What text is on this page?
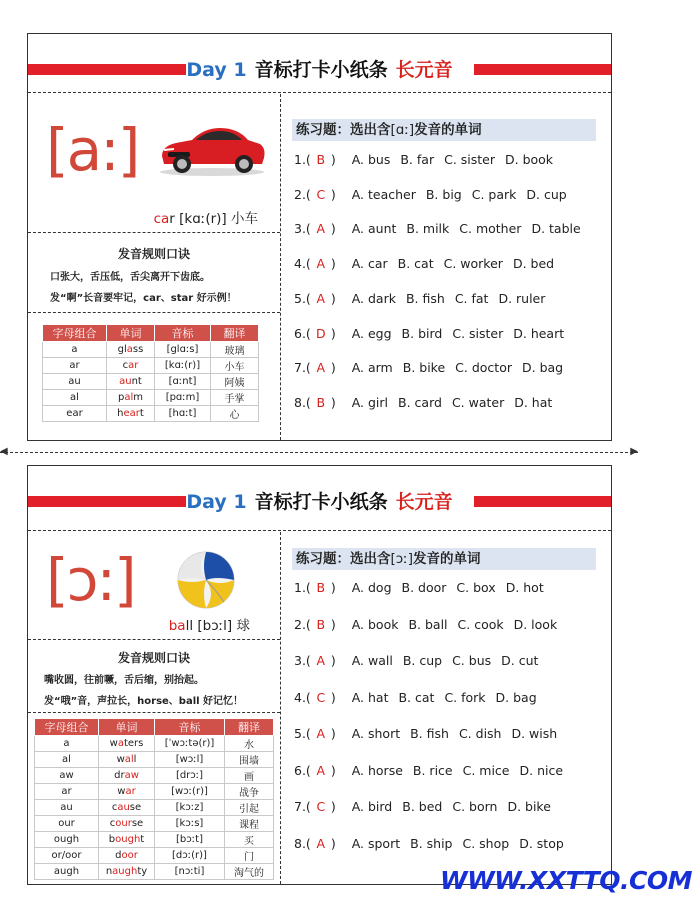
Day 1 音标打卡小纸条 长元音
[a:]
car [kɑː(r)] 小车
发音规则口诀
口张大，舌压低，舌尖离开下齿底。
发“啊”长音要牢记，car、star 好示例！
字母组合	单词	音标	翻译
a	glass	[glɑːs]	玻璃
ar	car	[kɑː(r)]	小车
au	aunt	[ɑːnt]	阿姨
al	palm	[pɑːm]	手掌
ear	heart	[hɑːt]	心
练习题：选出含[ɑː]发音的单词
1.( B ) A. bus B. far C. sister D. book
2.( C ) A. teacher B. big C. park D. cup
3.( A ) A. aunt B. milk C. mother D. table
4.( A ) A. car B. cat C. worker D. bed
5.( A ) A. dark B. fish C. fat D. ruler
6.( D ) A. egg B. bird C. sister D. heart
7.( A ) A. arm B. bike C. doctor D. bag
8.( B ) A. girl B. card C. water D. hat
◀	▶
Day 1 音标打卡小纸条 长元音
[ɔ:]
ball [bɔːl] 球
发音规则口诀
嘴收圆，往前噘，舌后缩，别抬起。
发“哦”音，声拉长，horse、ball 好记忆！
字母组合	单词	音标	翻译
a	waters	[ˈwɔːtə(r)]	水
al	wall	[wɔːl]	围墙
aw	draw	[drɔː]	画
ar	war	[wɔː(r)]	战争
au	cause	[kɔːz]	引起
our	course	[kɔːs]	课程
ough	bought	[bɔːt]	买
or/oor	door	[dɔː(r)]	门
augh	naughty	[nɔːti]	淘气的
练习题：选出含[ɔː]发音的单词
1.( B ) A. dog B. door C. box D. hot
2.( B ) A. book B. ball C. cook D. look
3.( A ) A. wall B. cup C. bus D. cut
4.( C ) A. hat B. cat C. fork D. bag
5.( A ) A. short B. fish C. dish D. wish
6.( A ) A. horse B. rice C. mice D. nice
7.( C ) A. bird B. bed C. born D. bike
8.( A ) A. sport B. ship C. shop D. stop
WWW.XXTTQ.COM
